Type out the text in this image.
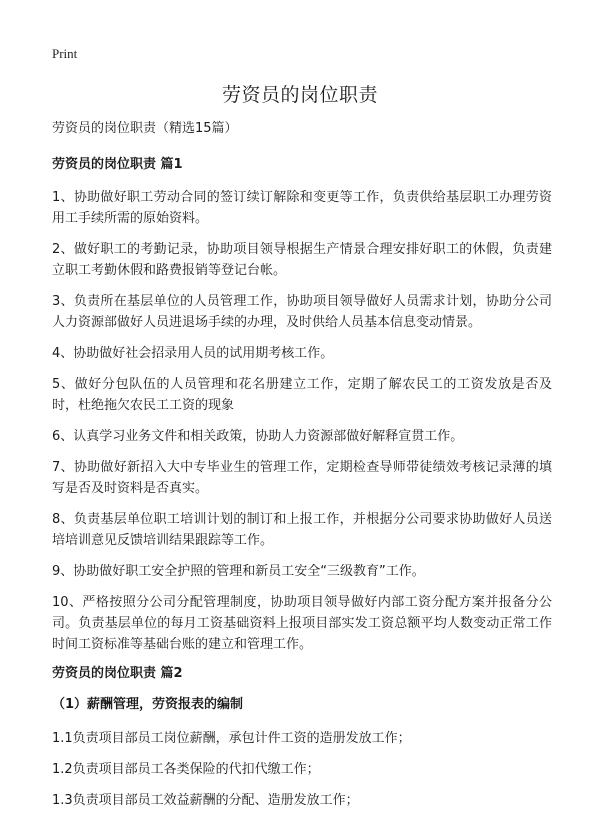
Print
劳资员的岗位职责

劳资员的岗位职责（精选15篇）

劳资员的岗位职责 篇1

1、协助做好职工劳动合同的签订续订解除和变更等工作，负责供给基层职工办理劳资用工手续所需的原始资料。

2、做好职工的考勤记录，协助项目领导根据生产情景合理安排好职工的休假，负责建立职工考勤休假和路费报销等登记台帐。

3、负责所在基层单位的人员管理工作，协助项目领导做好人员需求计划，协助分公司人力资源部做好人员进退场手续的办理，及时供给人员基本信息变动情景。

4、协助做好社会招录用人员的试用期考核工作。

5、做好分包队伍的人员管理和花名册建立工作，定期了解农民工的工资发放是否及时，杜绝拖欠农民工工资的现象

6、认真学习业务文件和相关政策，协助人力资源部做好解释宣贯工作。

7、协助做好新招入大中专毕业生的管理工作，定期检查导师带徒绩效考核记录薄的填写是否及时资料是否真实。

8、负责基层单位职工培训计划的制订和上报工作，并根据分公司要求协助做好人员送培培训意见反馈培训结果跟踪等工作。

9、协助做好职工安全护照的管理和新员工安全“三级教育”工作。

10、严格按照分公司分配管理制度，协助项目领导做好内部工资分配方案并报备分公司。负责基层单位的每月工资基础资料上报项目部实发工资总额平均人数变动正常工作时间工资标准等基础台账的建立和管理工作。

劳资员的岗位职责 篇2

（1）薪酬管理，劳资报表的编制

1.1负责项目部员工岗位薪酬，承包计件工资的造册发放工作；

1.2负责项目部员工各类保险的代扣代缴工作；

1.3负责项目部员工效益薪酬的分配、造册发放工作；
